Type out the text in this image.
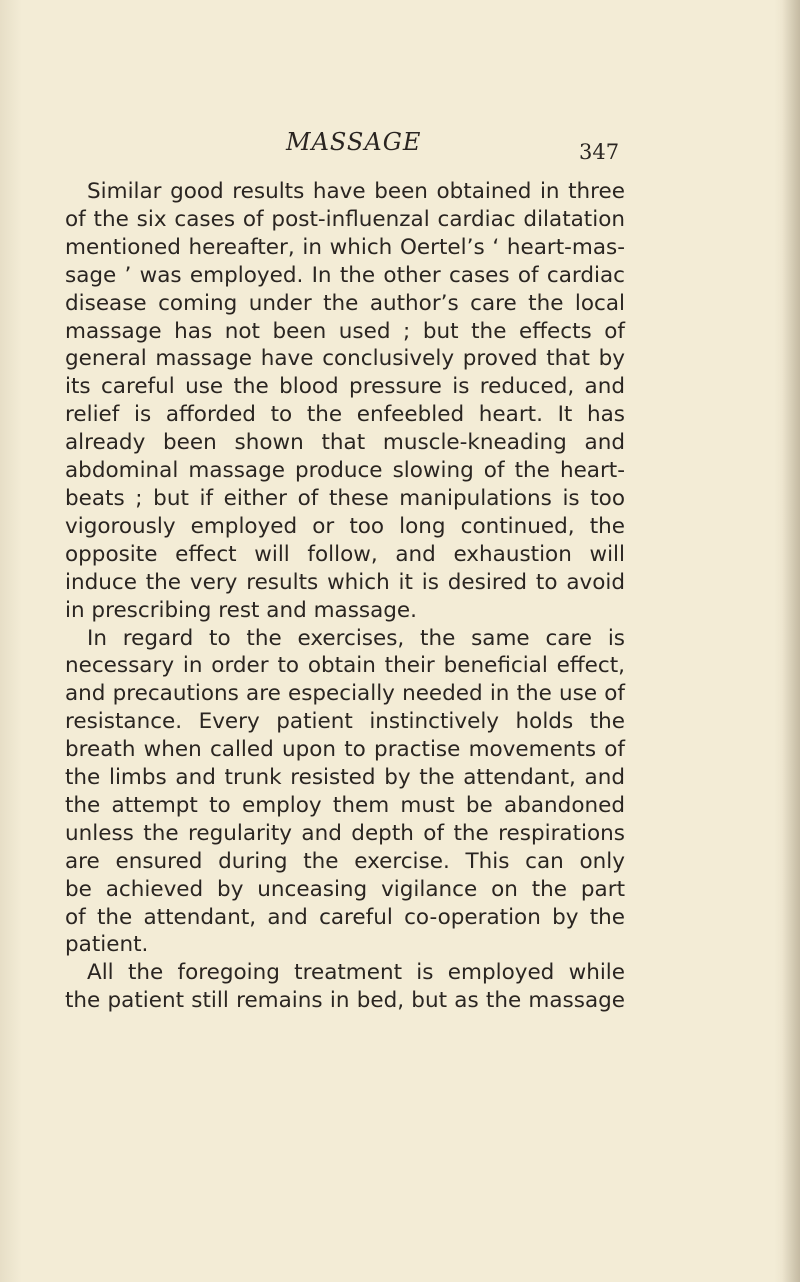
MASSAGE	347
Similar good results have been obtained in three
of the six cases of post-influenzal cardiac dilatation
mentioned hereafter, in which Oertel’s ‘ heart-mas-
sage ’ was employed. In the other cases of cardiac
disease coming under the author’s care the local
massage has not been used ; but the effects of
general massage have conclusively proved that by
its careful use the blood pressure is reduced, and
relief is afforded to the enfeebled heart. It has
already been shown that muscle-kneading and
abdominal massage produce slowing of the heart-
beats ; but if either of these manipulations is too
vigorously employed or too long continued, the
opposite effect will follow, and exhaustion will
induce the very results which it is desired to avoid
in prescribing rest and massage.
In regard to the exercises, the same care is
necessary in order to obtain their beneficial effect,
and precautions are especially needed in the use of
resistance. Every patient instinctively holds the
breath when called upon to practise movements of
the limbs and trunk resisted by the attendant, and
the attempt to employ them must be abandoned
unless the regularity and depth of the respirations
are ensured during the exercise. This can only
be achieved by unceasing vigilance on the part
of the attendant, and careful co-operation by the
patient.
All the foregoing treatment is employed while
the patient still remains in bed, but as the massage
